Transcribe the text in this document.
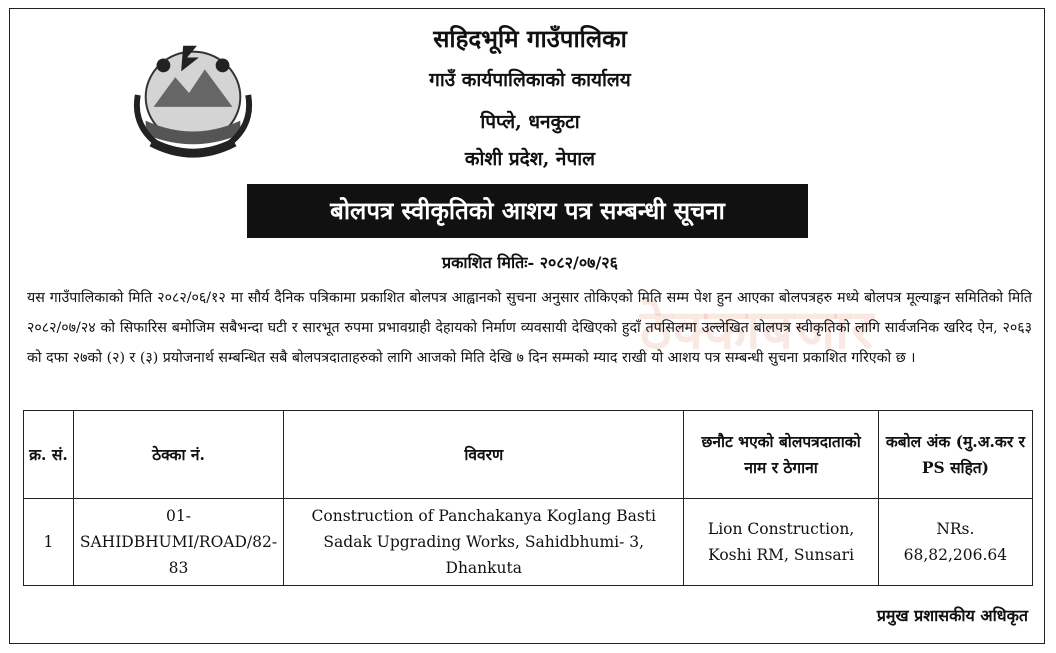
सहिदभूमि गाउँपालिका
गाउँ कार्यपालिकाको कार्यालय
पिप्ले, धनकुटा
कोशी प्रदेश, नेपाल
बोलपत्र स्वीकृतिको आशय पत्र सम्बन्धी सूचना
प्रकाशित मितिः- २०८२/०७/२६
ठेक्काबजार
यस गाउँपालिकाको मिति २०८२/०६/१२ मा सौर्य दैनिक पत्रिकामा प्रकाशित बोलपत्र आह्वानको सुचना अनुसार तोकिएको मिति सम्म पेश हुन आएका बोलपत्रहरु मध्ये बोलपत्र मूल्याङ्कन समितिको मिति २०८२/०७/२४ को सिफारिस बमोजिम सबैभन्दा घटी र सारभूत रुपमा प्रभावग्राही देहायको निर्माण व्यवसायी देखिएको हुदाँ तपसिलमा उल्लेखित बोलपत्र स्वीकृतिको लागि सार्वजनिक खरिद ऐन, २०६३ को दफा २७को (२) र (३) प्रयोजनार्थ सम्बन्धित सबै बोलपत्रदाताहरुको लागि आजको मिति देखि ७ दिन सम्मको म्याद राखी यो आशय पत्र सम्बन्धी सुचना प्रकाशित गरिएको छ ।
क्र. सं.	ठेक्का नं.	विवरण	छनौट भएको बोलपत्रदाताको नाम र ठेगाना	कबोल अंक (मु.अ.कर र PS सहित)
1	01-SAHIDBHUMI/ROAD/82-83	Construction of Panchakanya Koglang Basti Sadak Upgrading Works, Sahidbhumi- 3, Dhankuta	Lion Construction, Koshi RM, Sunsari	NRs. 68,82,206.64
प्रमुख प्रशासकीय अधिकृत
